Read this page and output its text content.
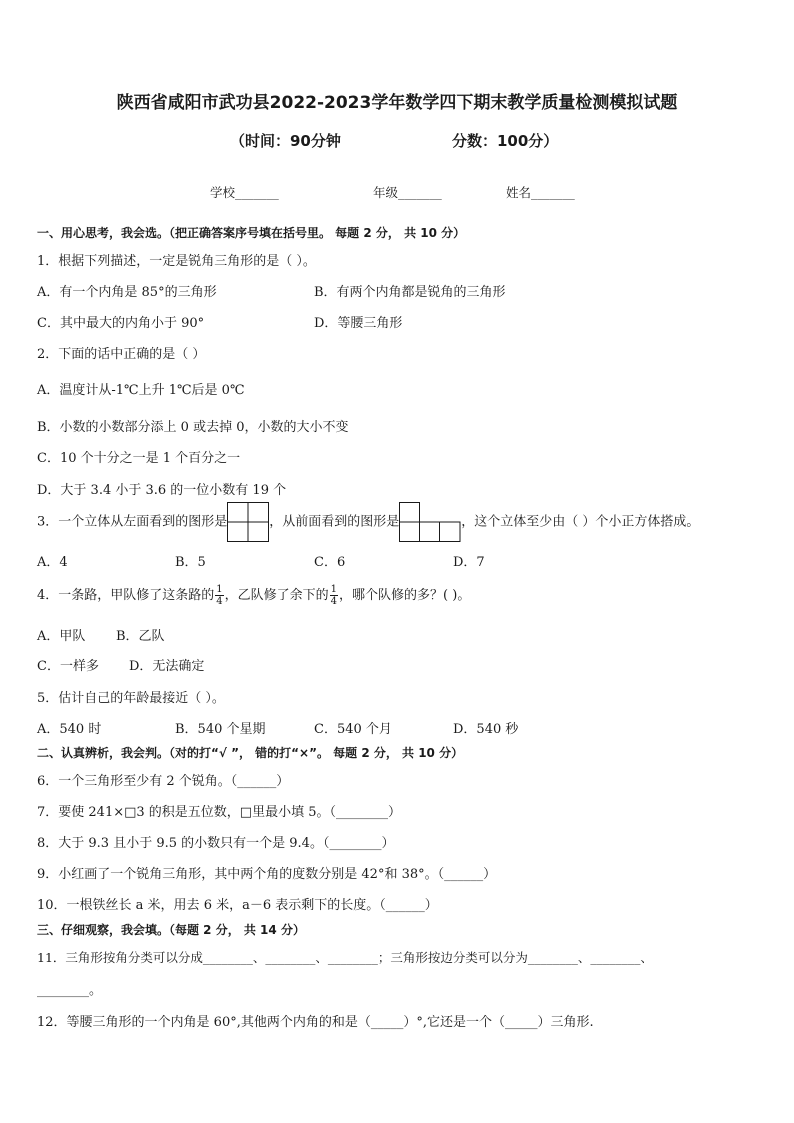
陕西省咸阳市武功县2022-2023学年数学四下期末教学质量检测模拟试题
（时间：90分钟	分数：100分）
学校_______	年级_______	姓名_______
一、用心思考，我会选。（把正确答案序号填在括号里。 每题 2 分， 共 10 分）
1．根据下列描述，一定是锐角三角形的是（ ）。
A．有一个内角是 85°的三角形	B．有两个内角都是锐角的三角形
C．其中最大的内角小于 90°	D．等腰三角形
2．下面的话中正确的是（ ）
A．温度计从-1℃上升 1℃后是 0℃
B．小数的小数部分添上 0 或去掉 0，小数的大小不变
C．10 个十分之一是 1 个百分之一
D．大于 3.4 小于 3.6 的一位小数有 19 个
3．一个立体从左面看到的图形是	，从前面看到的图形是	，这个立体至少由（ ）个小正方体搭成。
A．4	B．5	C．6	D．7
4．一条路，甲队修了这条路的 $\frac{1}{4}$ ，乙队修了余下的 $\frac{1}{4}$ ，哪个队修的多？( )。
A．甲队 B．乙队
C．一样多 D．无法确定
5．估计自己的年龄最接近（ ）。
A．540 时	B．540 个星期	C．540 个月	D．540 秒
二、认真辨析，我会判。（对的打“√ ”， 错的打“×”。 每题 2 分， 共 10 分）
6．一个三角形至少有 2 个锐角。（______）
7．要使 241×□3 的积是五位数，□里最小填 5。（________）
8．大于 9.3 且小于 9.5 的小数只有一个是 9.4。（________）
9．小红画了一个锐角三角形，其中两个角的度数分别是 42°和 38°。（______）
10．一根铁丝长 a 米，用去 6 米，a－6 表示剩下的长度。（______）
三、仔细观察，我会填。（每题 2 分， 共 14 分）
11．三角形按角分类可以分成________、________、________；三角形按边分类可以分为________、________、
________。
12．等腰三角形的一个内角是 60°,其他两个内角的和是（_____）°,它还是一个（_____）三角形.
